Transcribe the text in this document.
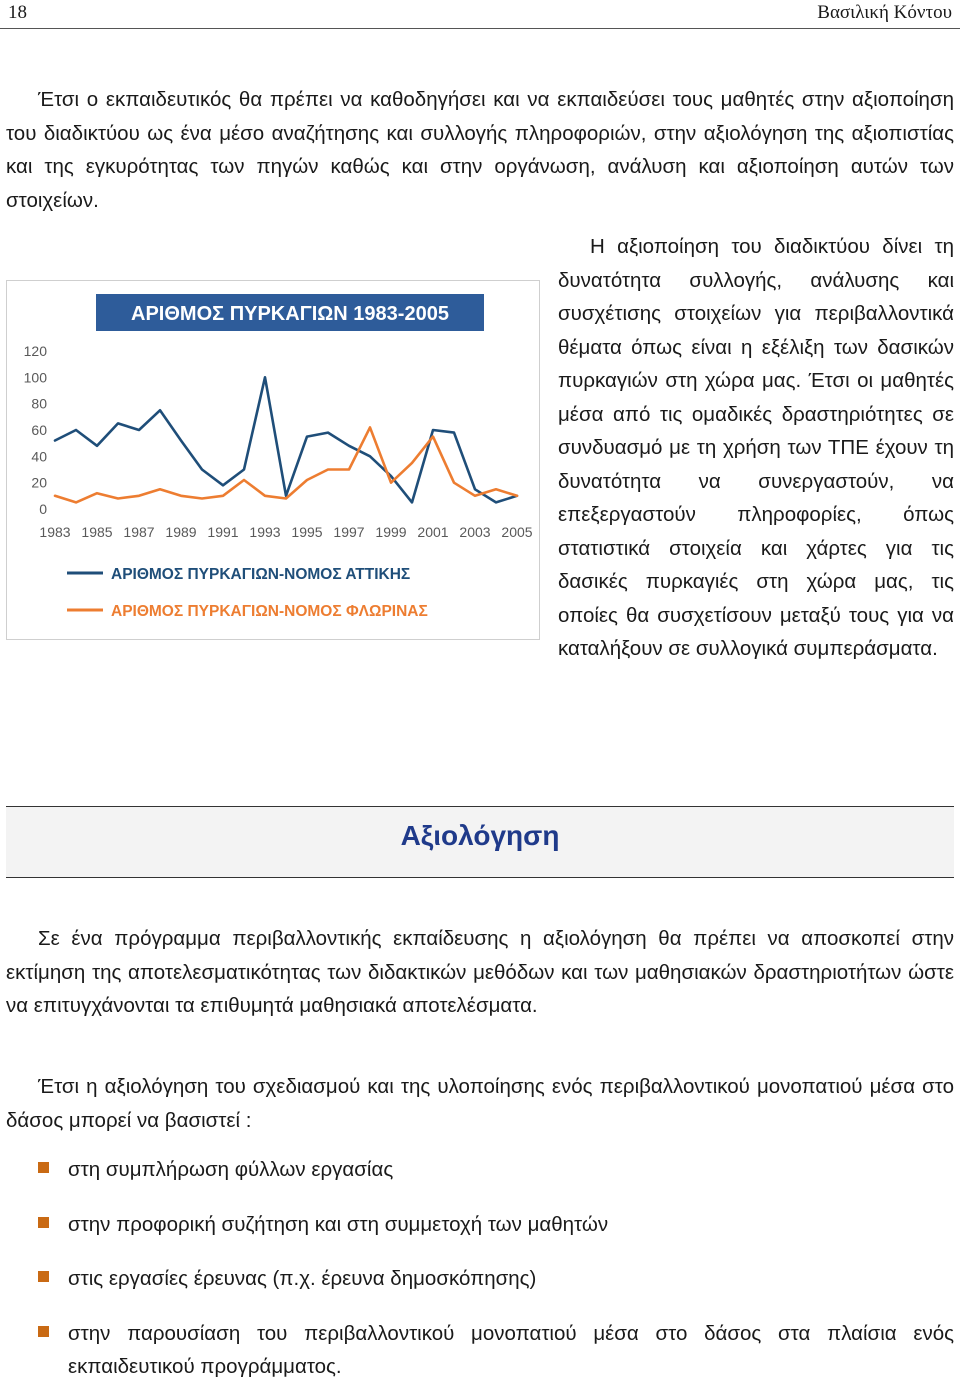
18	Βασιλική Κόντου

Έτσι ο εκπαιδευτικός θα πρέπει να καθοδηγήσει και να εκπαιδεύσει τους μαθητές στην αξιοποίηση του διαδικτύου ως ένα μέσο αναζήτησης και συλλογής πληροφοριών, στην αξιολόγηση της αξιοπιστίας και της εγκυρότητας των πηγών καθώς και στην οργάνωση, ανάλυση και αξιοποίηση αυτών των στοιχείων.

Η αξιοποίηση του διαδικτύου δίνει τη δυνατότητα συλλογής, ανάλυσης και συσχέτισης στοιχείων για περιβαλλοντικά θέματα όπως είναι η εξέλιξη των δασικών πυρκαγιών στη χώρα μας. Έτσι οι μαθητές μέσα από τις ομαδικές δραστηριότητες σε συνδυασμό με τη χρήση των ΤΠΕ έχουν τη δυνατότητα να συνεργαστούν, να επεξεργαστούν πληροφορίες, όπως στατιστικά στοιχεία και χάρτες για τις δασικές πυρκαγιές στη χώρα μας, τις οποίες θα συσχετίσουν μεταξύ τους για να καταλήξουν σε συλλογικά συμπεράσματα.
ΑΡΙΘΜΟΣ ΠΥΡΚΑΓΙΩΝ 1983-2005
0
20
40
60
80
100
120
1983 1985 1987 1989 1991 1993 1995 1997 1999 2001 2003 2005
ΑΡΙΘΜΟΣ ΠΥΡΚΑΓΙΩΝ-ΝΟΜΟΣ ΑΤΤΙΚΗΣ
ΑΡΙΘΜΟΣ ΠΥΡΚΑΓΙΩΝ-ΝΟΜΟΣ ΦΛΩΡΙΝΑΣ
Αξιολόγηση

Σε ένα πρόγραμμα περιβαλλοντικής εκπαίδευσης η αξιολόγηση θα πρέπει να αποσκοπεί στην εκτίμηση της αποτελεσματικότητας των διδακτικών μεθόδων και των μαθησιακών δραστηριοτήτων ώστε να επιτυγχάνονται τα επιθυμητά μαθησιακά αποτελέσματα.

Έτσι η αξιολόγηση του σχεδιασμού και της υλοποίησης ενός περιβαλλοντικού μονοπατιού μέσα στο δάσος μπορεί να βασιστεί :

στη συμπλήρωση φύλλων εργασίας
στην προφορική συζήτηση και στη συμμετοχή των μαθητών
στις εργασίες έρευνας (π.χ. έρευνα δημοσκόπησης)
στην παρουσίαση του περιβαλλοντικού μονοπατιού μέσα στο δάσος στα πλαίσια ενός εκπαιδευτικού προγράμματος.
